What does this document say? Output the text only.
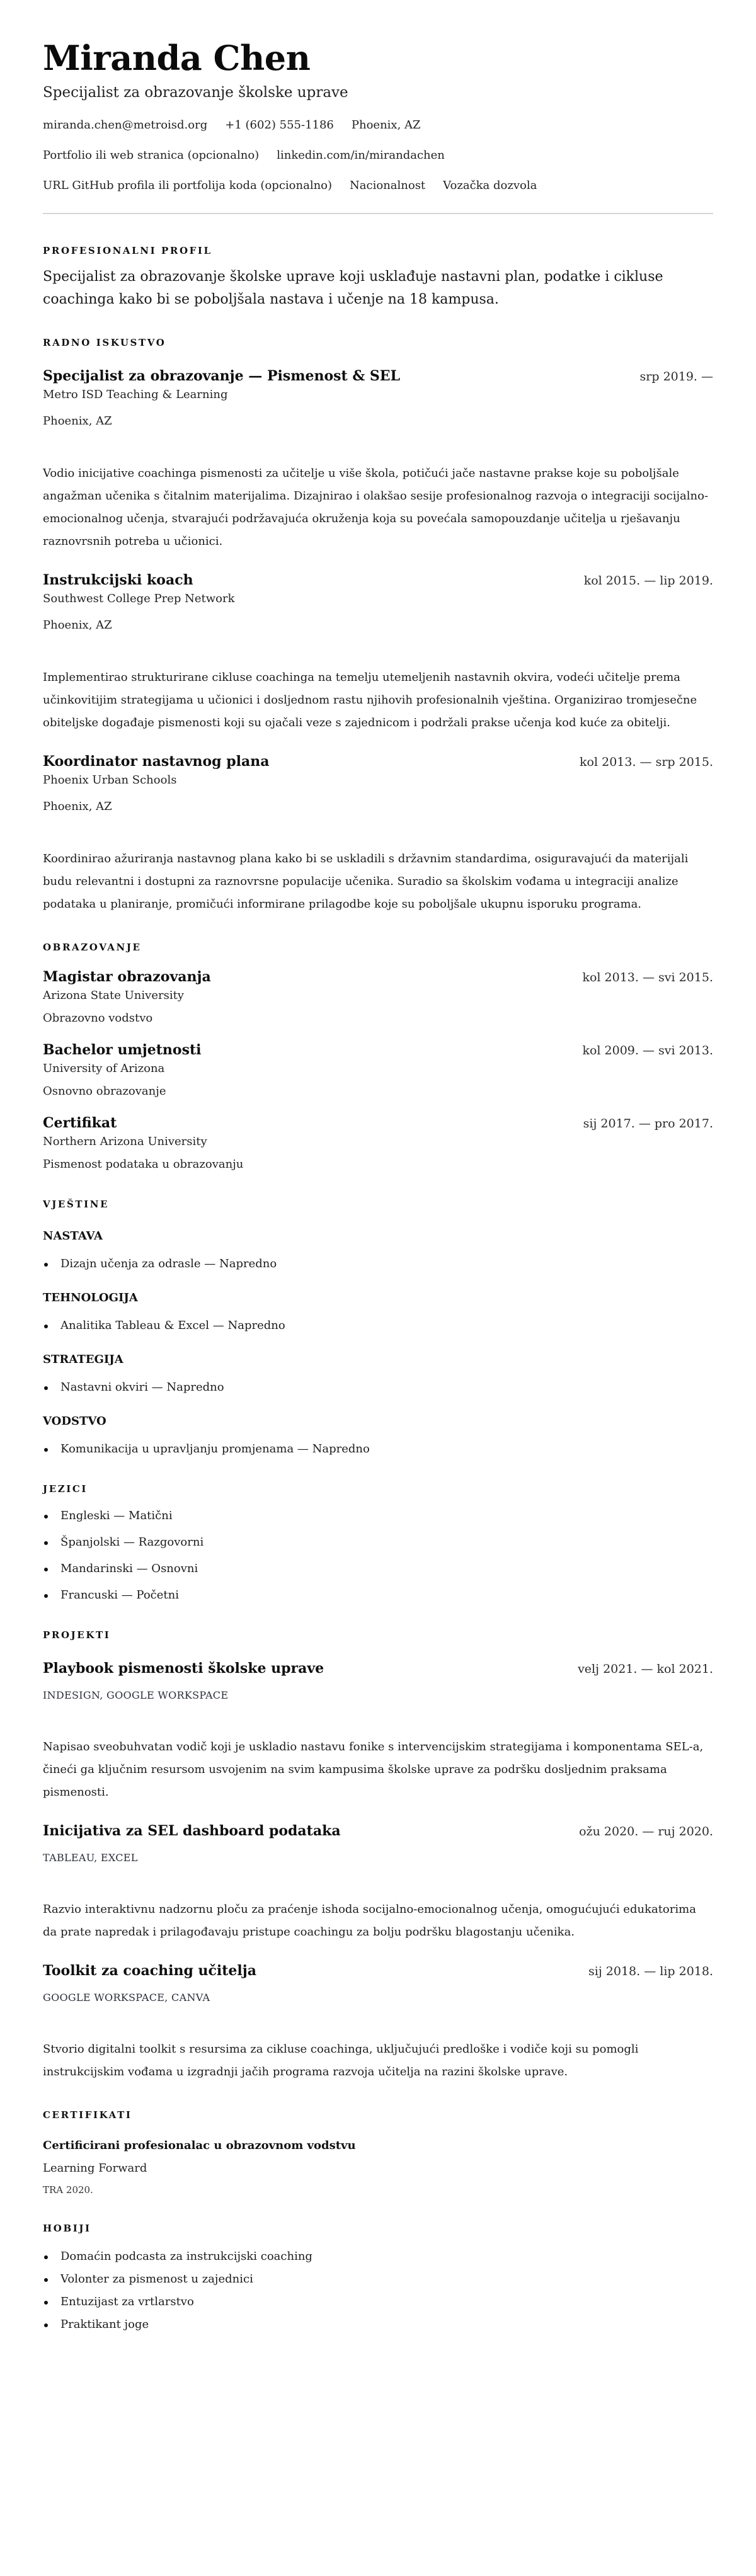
Miranda Chen
Specijalist za obrazovanje školske uprave
miranda.chen@metroisd.org +1 (602) 555-1186 Phoenix, AZ
Portfolio ili web stranica (opcionalno) linkedin.com/in/mirandachen
URL GitHub profila ili portfolija koda (opcionalno) Nacionalnost Vozačka dozvola
PROFESIONALNI PROFIL

Specijalist za obrazovanje školske uprave koji usklađuje nastavni plan, podatke i cikluse coachinga kako bi se poboljšala nastava i učenje na 18 kampusa.

RADNO ISKUSTVO
Specijalist za obrazovanje — Pismenost & SEL	srp 2019. —
Metro ISD Teaching & Learning
Phoenix, AZ

Vodio inicijative coachinga pismenosti za učitelje u više škola, potičući jače nastavne prakse koje su poboljšale angažman učenika s čitalnim materijalima. Dizajnirao i olakšao sesije profesionalnog razvoja o integraciji socijalno-emocionalnog učenja, stvarajući podržavajuća okruženja koja su povećala samopouzdanje učitelja u rješavanju raznovrsnih potreba u učionici.

Instrukcijski koach	kol 2015. — lip 2019.
Southwest College Prep Network
Phoenix, AZ

Implementirao strukturirane cikluse coachinga na temelju utemeljenih nastavnih okvira, vodeći učitelje prema učinkovitijim strategijama u učionici i dosljednom rastu njihovih profesionalnih vještina. Organizirao tromjesečne obiteljske događaje pismenosti koji su ojačali veze s zajednicom i podržali prakse učenja kod kuće za obitelji.

Koordinator nastavnog plana	kol 2013. — srp 2015.
Phoenix Urban Schools
Phoenix, AZ

Koordinirao ažuriranja nastavnog plana kako bi se uskladili s državnim standardima, osiguravajući da materijali budu relevantni i dostupni za raznovrsne populacije učenika. Suradio sa školskim vođama u integraciji analize podataka u planiranje, promičući informirane prilagodbe koje su poboljšale ukupnu isporuku programa.

OBRAZOVANJE
Magistar obrazovanja	kol 2013. — svi 2015.
Arizona State University
Obrazovno vodstvo
Bachelor umjetnosti	kol 2009. — svi 2013.
University of Arizona
Osnovno obrazovanje
Certifikat	sij 2017. — pro 2017.
Northern Arizona University
Pismenost podataka u obrazovanju
VJEŠTINE
NASTAVA
Dizajn učenja za odrasle — Napredno
TEHNOLOGIJA
Analitika Tableau & Excel — Napredno
STRATEGIJA
Nastavni okviri — Napredno
VODSTVO
Komunikacija u upravljanju promjenama — Napredno
JEZICI
Engleski — Matični
Španjolski — Razgovorni
Mandarinski — Osnovni
Francuski — Početni
PROJEKTI
Playbook pismenosti školske uprave	velj 2021. — kol 2021.
INDESIGN, GOOGLE WORKSPACE

Napisao sveobuhvatan vodič koji je uskladio nastavu fonike s intervencijskim strategijama i komponentama SEL-a, čineći ga ključnim resursom usvojenim na svim kampusima školske uprave za podršku dosljednim praksama pismenosti.

Inicijativa za SEL dashboard podataka	ožu 2020. — ruj 2020.
TABLEAU, EXCEL

Razvio interaktivnu nadzornu ploču za praćenje ishoda socijalno-emocionalnog učenja, omogućujući edukatorima da prate napredak i prilagođavaju pristupe coachingu za bolju podršku blagostanju učenika.

Toolkit za coaching učitelja	sij 2018. — lip 2018.
GOOGLE WORKSPACE, CANVA

Stvorio digitalni toolkit s resursima za cikluse coachinga, uključujući predloške i vodiče koji su pomogli instrukcijskim vođama u izgradnji jačih programa razvoja učitelja na razini školske uprave.

CERTIFIKATI
Certificirani profesionalac u obrazovnom vodstvu
Learning Forward
TRA 2020.
HOBIJI
Domaćin podcasta za instrukcijski coaching
Volonter za pismenost u zajednici
Entuzijast za vrtlarstvo
Praktikant joge
